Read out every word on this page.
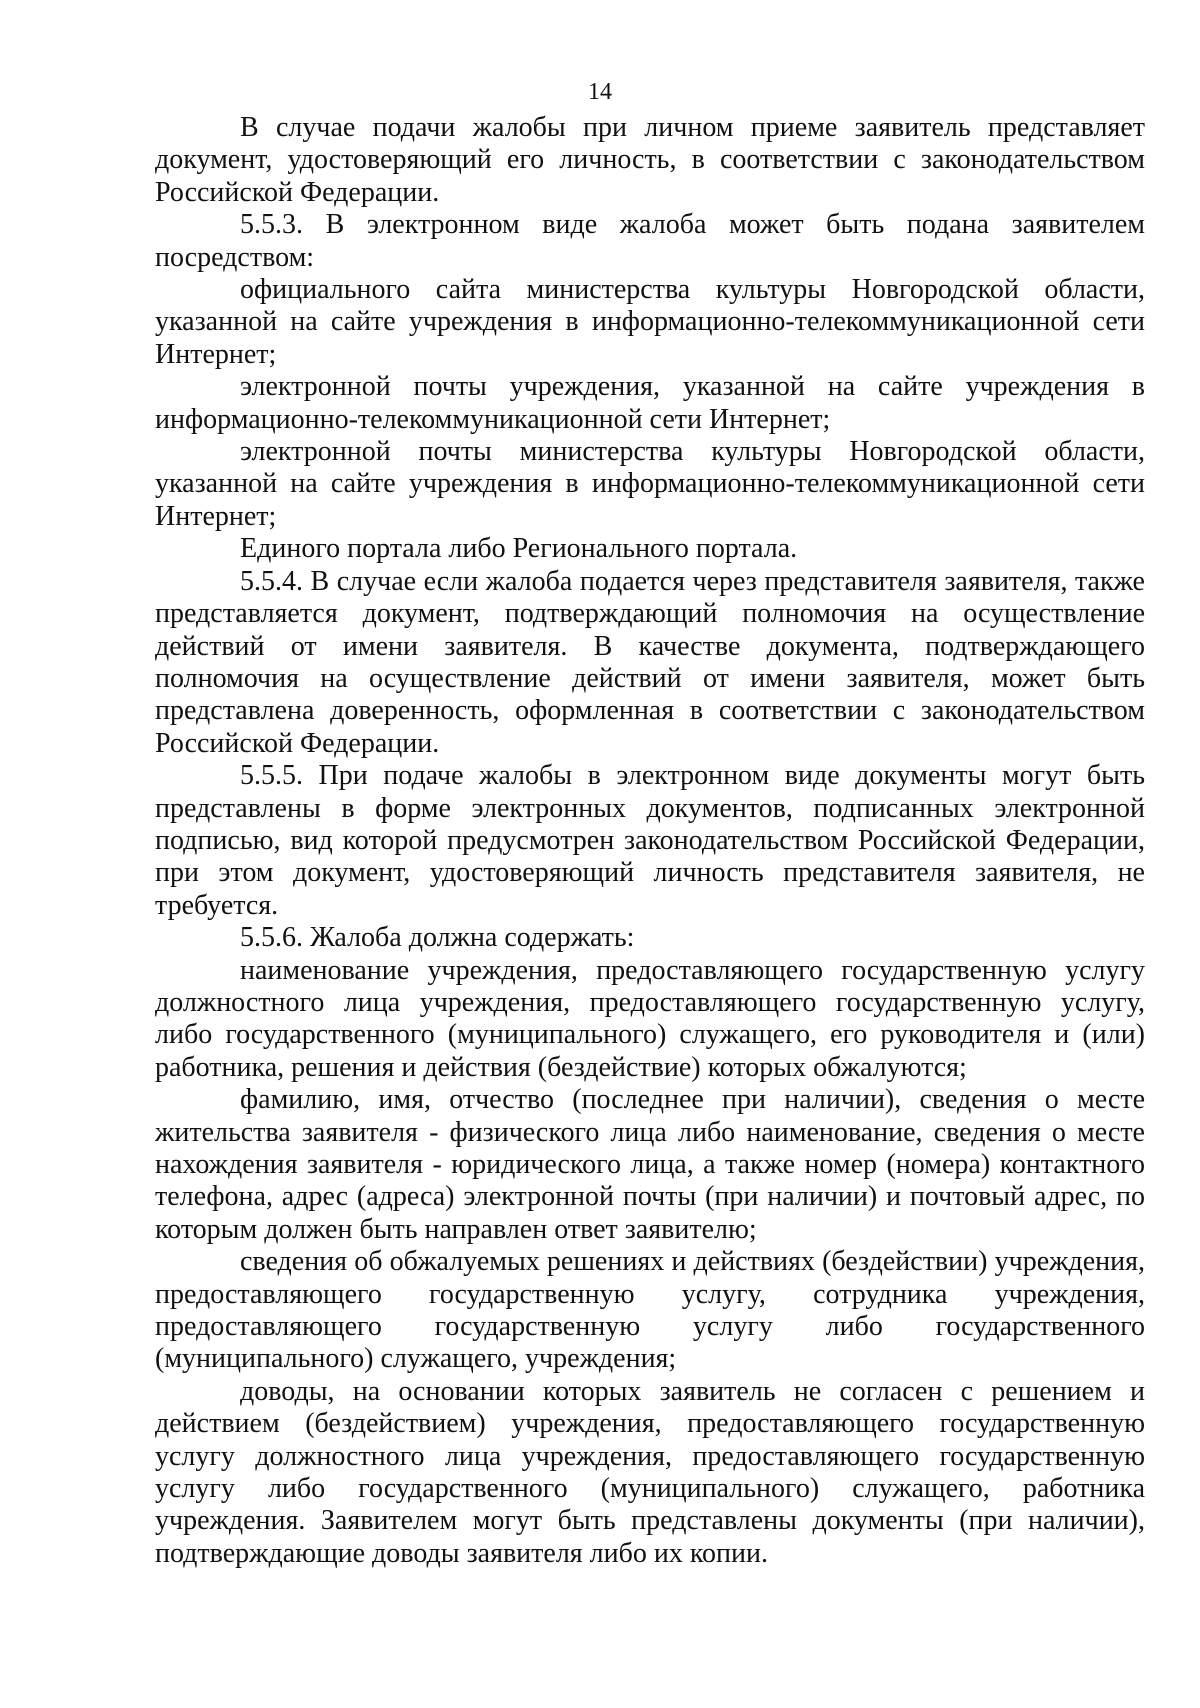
14

В случае подачи жалобы при личном приеме заявитель представляет документ, удостоверяющий его личность, в соответствии с законодательством Российской Федерации.

5.5.3. В электронном виде жалоба может быть подана заявителем посредством:

официального сайта министерства культуры Новгородской области, указанной на сайте учреждения в информационно-телекоммуникационной сети Интернет;

электронной почты учреждения, указанной на сайте учреждения в информационно-телекоммуникационной сети Интернет;

электронной почты министерства культуры Новгородской области, указанной на сайте учреждения в информационно-телекоммуникационной сети Интернет;

Единого портала либо Регионального портала.

5.5.4. В случае если жалоба подается через представителя заявителя, также представляется документ, подтверждающий полномочия на осуществление действий от имени заявителя. В качестве документа, подтверждающего полномочия на осуществление действий от имени заявителя, может быть представлена доверенность, оформленная в соответствии с законодательством Российской Федерации.

5.5.5. При подаче жалобы в электронном виде документы могут быть представлены в форме электронных документов, подписанных электронной подписью, вид которой предусмотрен законодательством Российской Федерации, при этом документ, удостоверяющий личность представителя заявителя, не требуется.

5.5.6. Жалоба должна содержать:

наименование учреждения, предоставляющего государственную услугу должностного лица учреждения, предоставляющего государственную услугу, либо государственного (муниципального) служащего, его руководителя и (или) работника, решения и действия (бездействие) которых обжалуются;

фамилию, имя, отчество (последнее при наличии), сведения о месте жительства заявителя - физического лица либо наименование, сведения о месте нахождения заявителя - юридического лица, а также номер (номера) контактного телефона, адрес (адреса) электронной почты (при наличии) и почтовый адрес, по которым должен быть направлен ответ заявителю;

сведения об обжалуемых решениях и действиях (бездействии) учреждения, предоставляющего государственную услугу, сотрудника учреждения, предоставляющего государственную услугу либо государственного (муниципального) служащего, учреждения;

доводы, на основании которых заявитель не согласен с решением и действием (бездействием) учреждения, предоставляющего государственную услугу должностного лица учреждения, предоставляющего государственную услугу либо государственного (муниципального) служащего, работника учреждения. Заявителем могут быть представлены документы (при наличии), подтверждающие доводы заявителя либо их копии.
